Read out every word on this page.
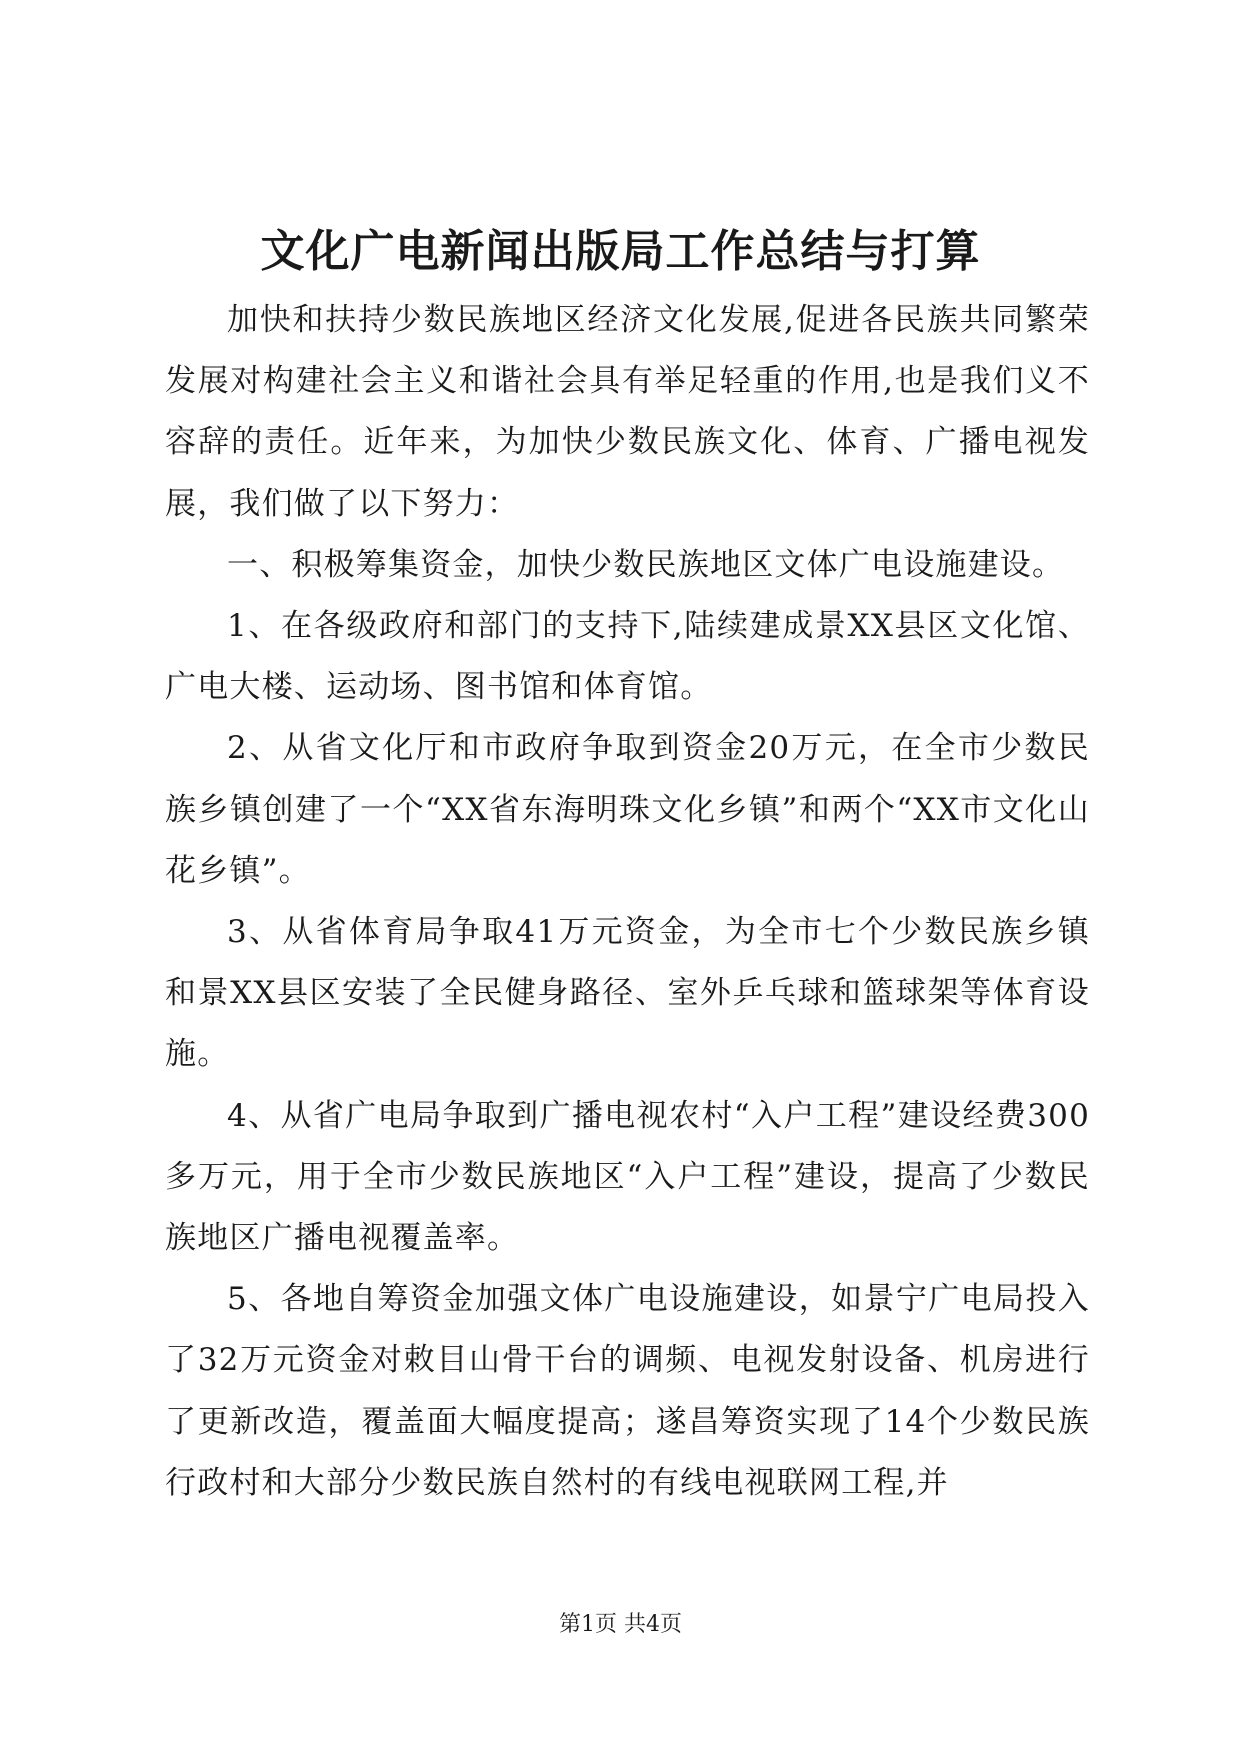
文化广电新闻出版局工作总结与打算

加快和扶持少数民族地区经济文化发展,促进各民族共同繁荣发展对构建社会主义和谐社会具有举足轻重的作用,也是我们义不容辞的责任。近年来，为加快少数民族文化、体育、广播电视发展，我们做了以下努力：

一、积极筹集资金，加快少数民族地区文体广电设施建设。

1、在各级政府和部门的支持下,陆续建成景XX县区文化馆、广电大楼、运动场、图书馆和体育馆。

2、从省文化厅和市政府争取到资金20万元，在全市少数民族乡镇创建了一个“XX省东海明珠文化乡镇”和两个“XX市文化山花乡镇”。

3、从省体育局争取41万元资金，为全市七个少数民族乡镇和景XX县区安装了全民健身路径、室外乒乓球和篮球架等体育设施。

4、从省广电局争取到广播电视农村“入户工程”建设经费300多万元，用于全市少数民族地区“入户工程”建设，提高了少数民族地区广播电视覆盖率。

5、各地自筹资金加强文体广电设施建设，如景宁广电局投入了32万元资金对敕目山骨干台的调频、电视发射设备、机房进行了更新改造，覆盖面大幅度提高；遂昌筹资实现了14个少数民族行政村和大部分少数民族自然村的有线电视联网工程,并

第1页 共4页
